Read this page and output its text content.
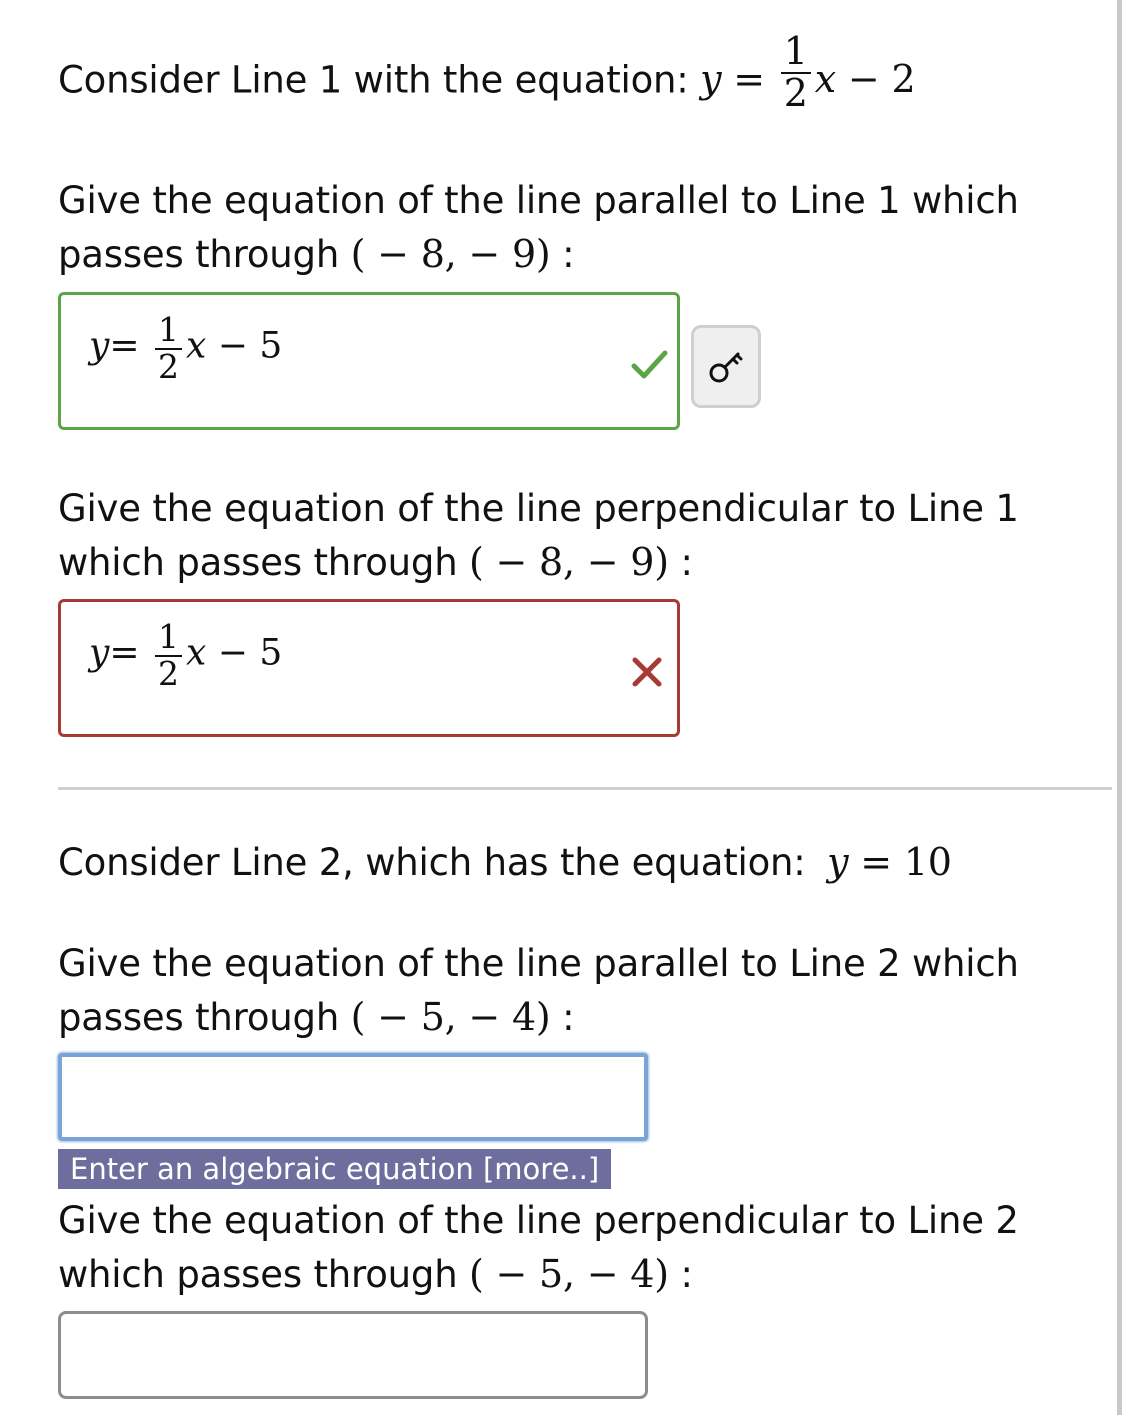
Consider Line 1 with the equation: $y = \frac{1}{2}$ x − 2
Give the equation of the line parallel to Line 1 which
passes through ( − 8, − 9) :
$y= \frac{1}{2}$ x − 5
Give the equation of the line perpendicular to Line 1
which passes through ( − 8, − 9) :
$y= \frac{1}{2}$ x − 5
Consider Line 2, which has the equation: y = 10
Give the equation of the line parallel to Line 2 which
passes through ( − 5, − 4) :
Enter an algebraic equation [more..]
Give the equation of the line perpendicular to Line 2
which passes through ( − 5, − 4) :
